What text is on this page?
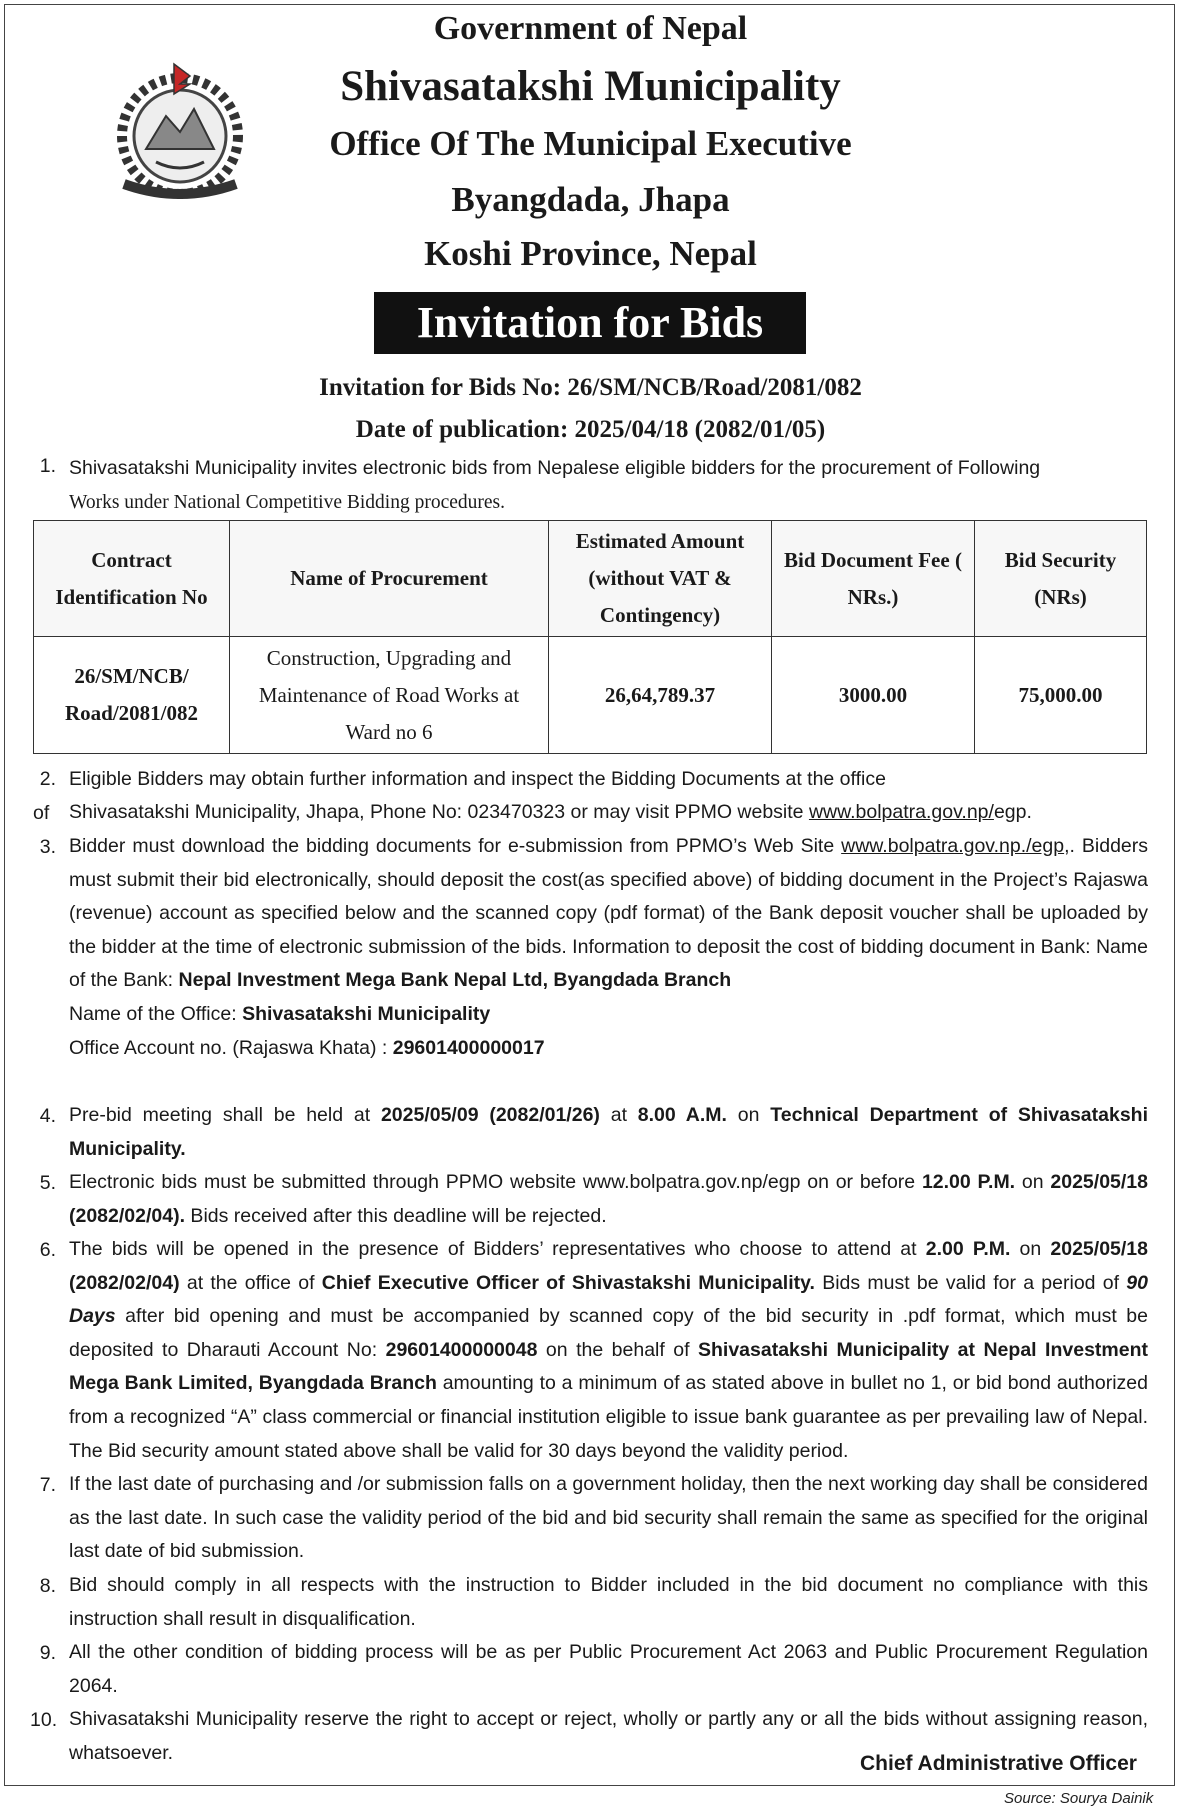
Government of Nepal
Shivasatakshi Municipality
Office Of The Municipal Executive
Byangdada, Jhapa
Koshi Province, Nepal
Invitation for Bids
Invitation for Bids No: 26/SM/NCB/Road/2081/082
Date of publication: 2025/04/18 (2082/01/05)
1. Shivasatakshi Municipality invites electronic bids from Nepalese eligible bidders for the procurement of Following
Works under National Competitive Bidding procedures.
Contract Identification No	Name of Procurement	Estimated Amount (without VAT & Contingency)	Bid Document Fee ( NRs.)	Bid Security (NRs)
26/SM/NCB/ Road/2081/082	Construction, Upgrading and Maintenance of Road Works at Ward no 6	26,64,789.37	3000.00	75,000.00
2. Eligible Bidders may obtain further information and inspect the Bidding Documents at the office
of	Shivasatakshi Municipality, Jhapa, Phone No: 023470323 or may visit PPMO website www.bolpatra.gov.np/egp.
3. Bidder must download the bidding documents for e-submission from PPMO’s Web Site www.bolpatra.gov.np./egp,. Bidders must submit their bid electronically, should deposit the cost(as specified above) of bidding document in the Project’s Rajaswa (revenue) account as specified below and the scanned copy (pdf format) of the Bank deposit voucher shall be uploaded by the bidder at the time of electronic submission of the bids. Information to deposit the cost of bidding document in Bank: Name of the Bank: Nepal Investment Mega Bank Nepal Ltd, Byangdada Branch
Name of the Office: Shivasatakshi Municipality
Office Account no. (Rajaswa Khata) : 29601400000017
4. Pre-bid meeting shall be held at 2025/05/09 (2082/01/26) at 8.00 A.M. on Technical Department of Shivasatakshi Municipality.
5. Electronic bids must be submitted through PPMO website www.bolpatra.gov.np/egp on or before 12.00 P.M. on 2025/05/18 (2082/02/04). Bids received after this deadline will be rejected.
6. The bids will be opened in the presence of Bidders’ representatives who choose to attend at 2.00 P.M. on 2025/05/18 (2082/02/04) at the office of Chief Executive Officer of Shivastakshi Municipality. Bids must be valid for a period of 90 Days after bid opening and must be accompanied by scanned copy of the bid security in .pdf format, which must be deposited to Dharauti Account No: 29601400000048 on the behalf of Shivasatakshi Municipality at Nepal Investment Mega Bank Limited, Byangdada Branch amounting to a minimum of as stated above in bullet no 1, or bid bond authorized from a recognized “A” class commercial or financial institution eligible to issue bank guarantee as per prevailing law of Nepal. The Bid security amount stated above shall be valid for 30 days beyond the validity period.
7. If the last date of purchasing and /or submission falls on a government holiday, then the next working day shall be considered as the last date. In such case the validity period of the bid and bid security shall remain the same as specified for the original last date of bid submission.
8. Bid should comply in all respects with the instruction to Bidder included in the bid document no compliance with this instruction shall result in disqualification.
9. All the other condition of bidding process will be as per Public Procurement Act 2063 and Public Procurement Regulation 2064.
10. Shivasatakshi Municipality reserve the right to accept or reject, wholly or partly any or all the bids without assigning reason, whatsoever.	Chief Administrative Officer
Source: Sourya Dainik
